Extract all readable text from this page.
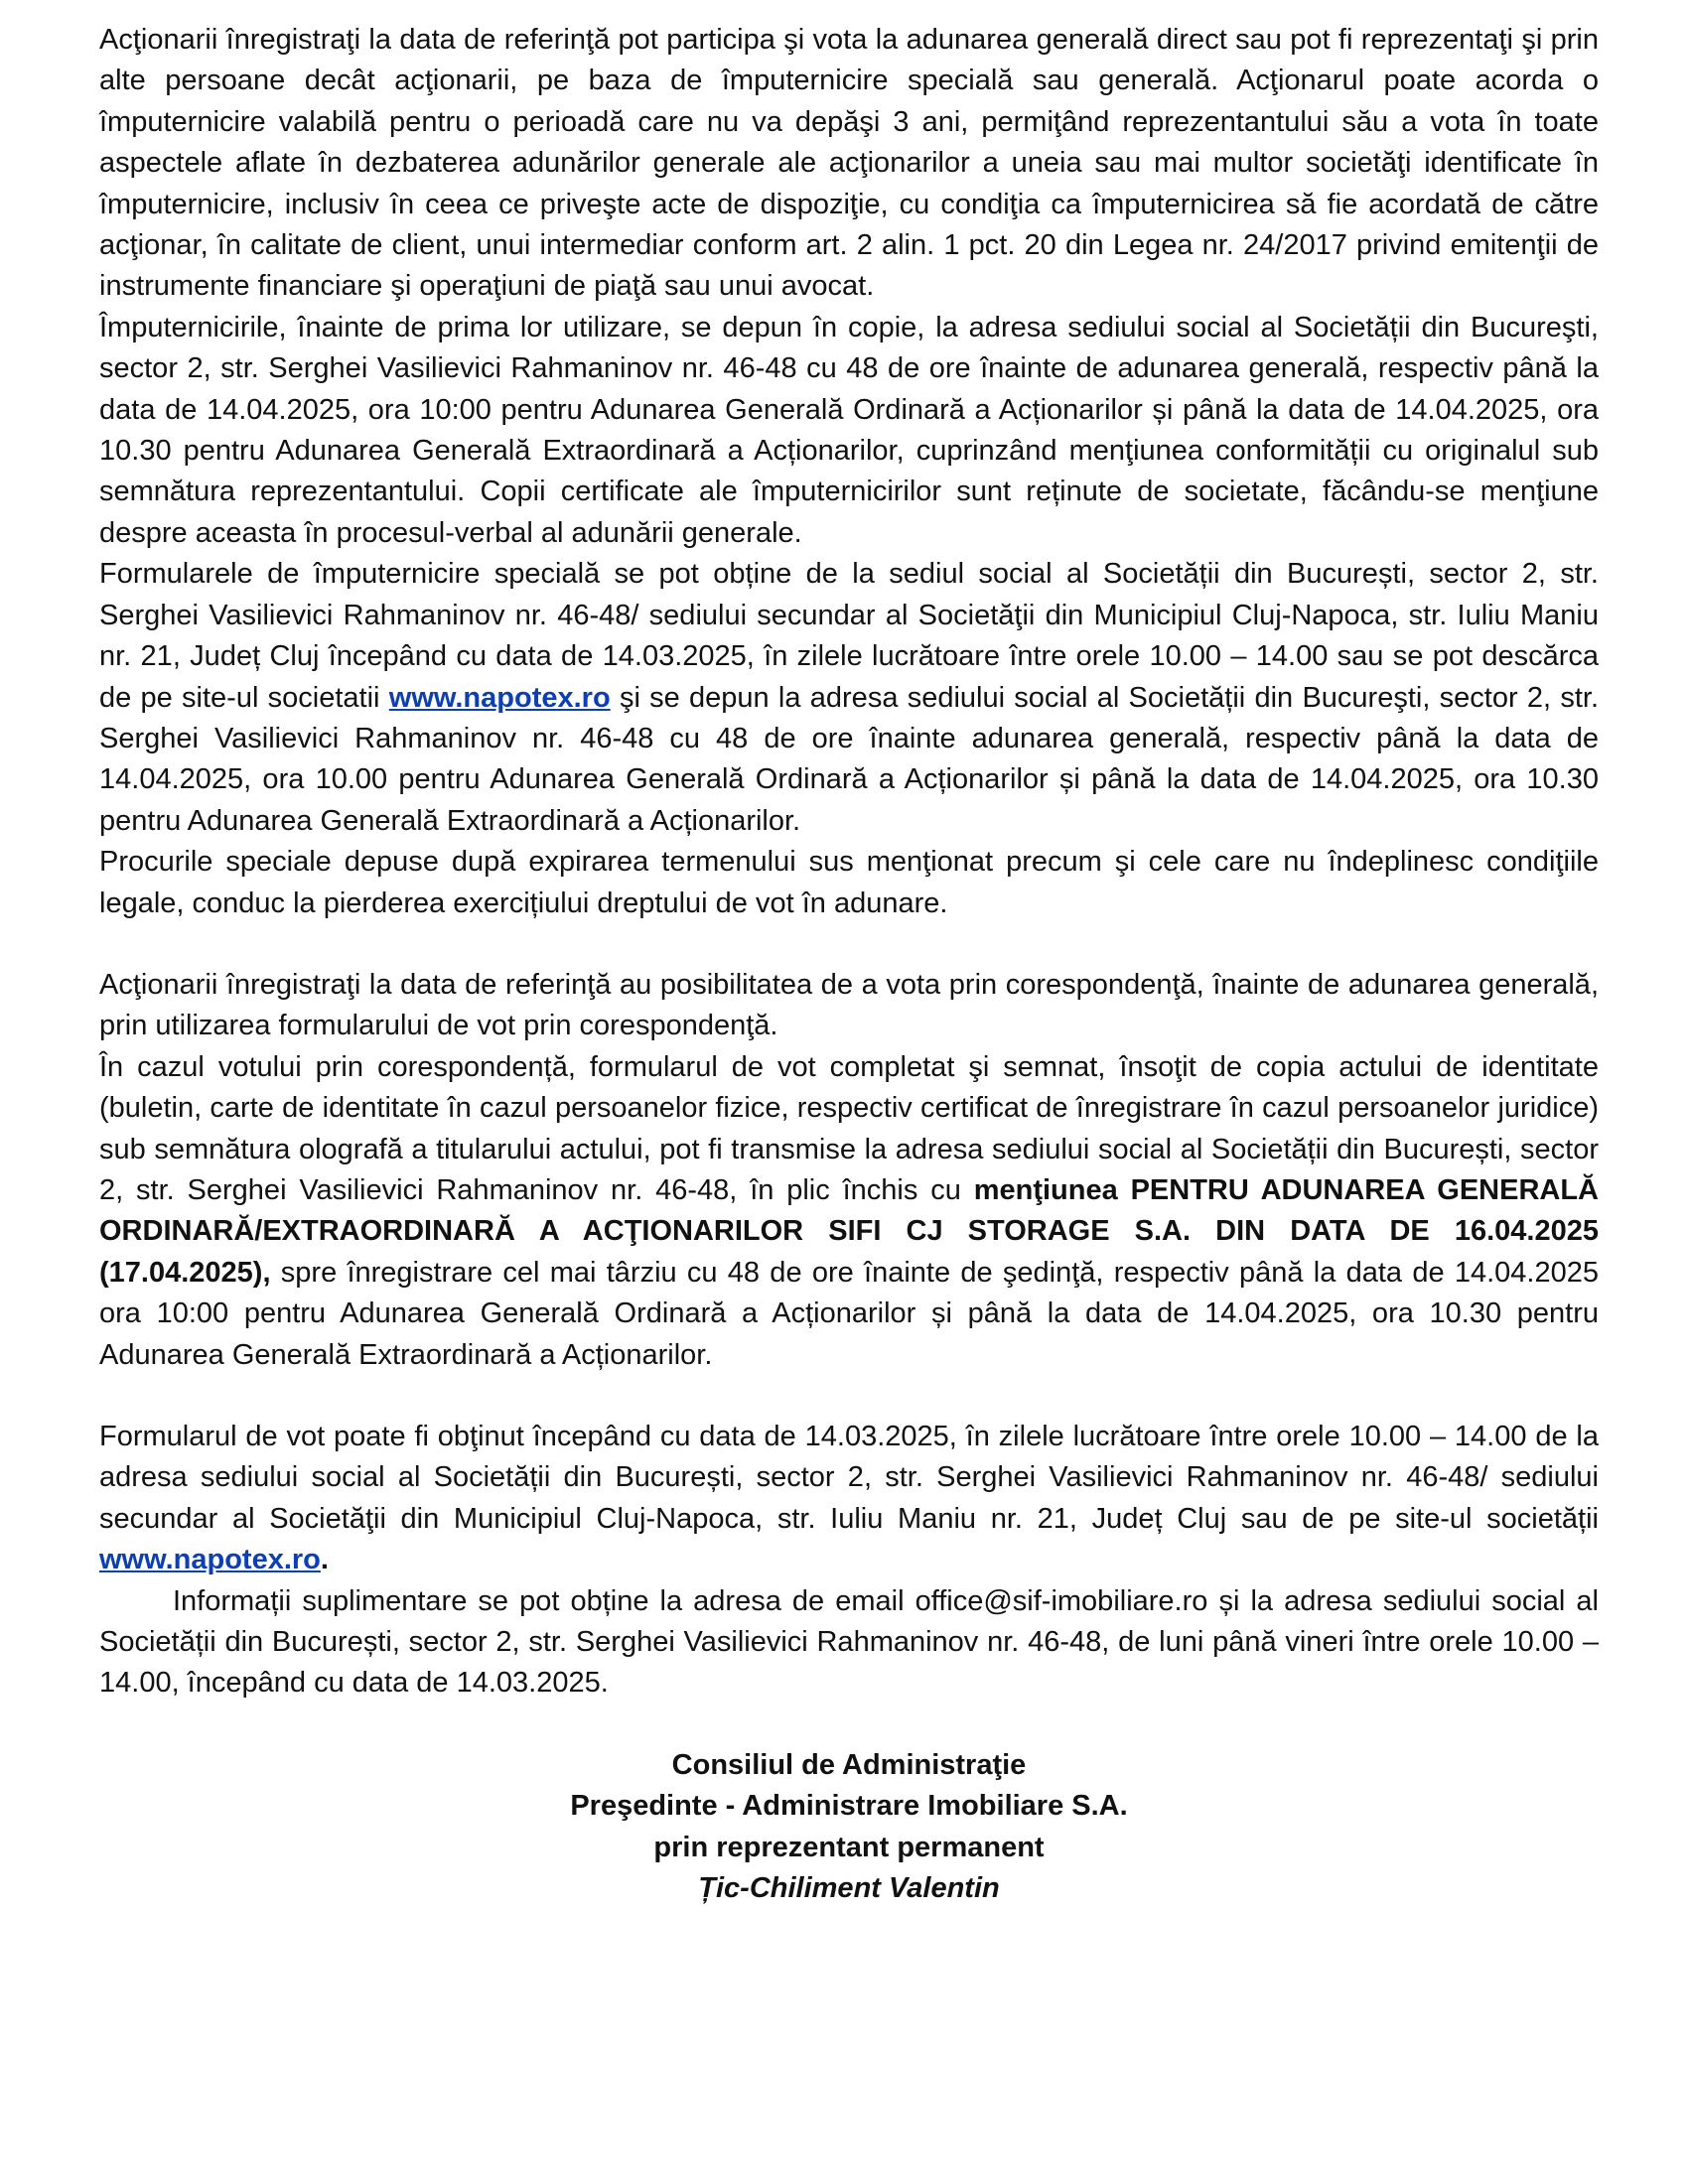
Acţionarii înregistraţi la data de referinţă pot participa şi vota la adunarea generală direct sau pot fi reprezentaţi şi prin alte persoane decât acţionarii, pe baza de împuternicire specială sau generală. Acţionarul poate acorda o împuternicire valabilă pentru o perioadă care nu va depăşi 3 ani, permiţând reprezentantului său a vota în toate aspectele aflate în dezbaterea adunărilor generale ale acţionarilor a uneia sau mai multor societăţi identificate în împuternicire, inclusiv în ceea ce priveşte acte de dispoziţie, cu condiţia ca împuternicirea să fie acordată de către acţionar, în calitate de client, unui intermediar conform art. 2 alin. 1 pct. 20 din Legea nr. 24/2017 privind emitenţii de instrumente financiare şi operaţiuni de piaţă sau unui avocat.

Împuternicirile, înainte de prima lor utilizare, se depun în copie, la adresa sediului social al Societății din Bucureşti, sector 2, str. Serghei Vasilievici Rahmaninov nr. 46-48 cu 48 de ore înainte de adunarea generală, respectiv până la data de 14.04.2025, ora 10:00 pentru Adunarea Generală Ordinară a Acționarilor și până la data de 14.04.2025, ora 10.30 pentru Adunarea Generală Extraordinară a Acționarilor, cuprinzând menţiunea conformității cu originalul sub semnătura reprezentantului. Copii certificate ale împuternicirilor sunt reținute de societate, făcându-se menţiune despre aceasta în procesul-verbal al adunării generale.

Formularele de împuternicire specială se pot obține de la sediul social al Societății din București, sector 2, str. Serghei Vasilievici Rahmaninov nr. 46-48/ sediului secundar al Societăţii din Municipiul Cluj-Napoca, str. Iuliu Maniu nr. 21, Județ Cluj începând cu data de 14.03.2025, în zilele lucrătoare între orele 10.00 – 14.00 sau se pot descărca de pe site-ul societatii www.napotex.ro şi se depun la adresa sediului social al Societății din Bucureşti, sector 2, str. Serghei Vasilievici Rahmaninov nr. 46-48 cu 48 de ore înainte adunarea generală, respectiv până la data de 14.04.2025, ora 10.00 pentru Adunarea Generală Ordinară a Acționarilor și până la data de 14.04.2025, ora 10.30 pentru Adunarea Generală Extraordinară a Acționarilor.

Procurile speciale depuse după expirarea termenului sus menţionat precum şi cele care nu îndeplinesc condiţiile legale, conduc la pierderea exercițiului dreptului de vot în adunare.

Acţionarii înregistraţi la data de referinţă au posibilitatea de a vota prin corespondenţă, înainte de adunarea generală, prin utilizarea formularului de vot prin corespondenţă.

În cazul votului prin corespondență, formularul de vot completat şi semnat, însoţit de copia actului de identitate (buletin, carte de identitate în cazul persoanelor fizice, respectiv certificat de înregistrare în cazul persoanelor juridice) sub semnătura olografă a titularului actului, pot fi transmise la adresa sediului social al Societății din București, sector 2, str. Serghei Vasilievici Rahmaninov nr. 46-48, în plic închis cu menţiunea PENTRU ADUNAREA GENERALĂ ORDINARĂ/EXTRAORDINARĂ A ACŢIONARILOR SIFI CJ STORAGE S.A. DIN DATA DE 16.04.2025 (17.04.2025), spre înregistrare cel mai târziu cu 48 de ore înainte de şedinţă, respectiv până la data de 14.04.2025 ora 10:00 pentru Adunarea Generală Ordinară a Acționarilor și până la data de 14.04.2025, ora 10.30 pentru Adunarea Generală Extraordinară a Acționarilor.

Formularul de vot poate fi obţinut începând cu data de 14.03.2025, în zilele lucrătoare între orele 10.00 – 14.00 de la adresa sediului social al Societății din București, sector 2, str. Serghei Vasilievici Rahmaninov nr. 46-48/ sediului secundar al Societăţii din Municipiul Cluj-Napoca, str. Iuliu Maniu nr. 21, Județ Cluj sau de pe site-ul societății www.napotex.ro.

Informații suplimentare se pot obține la adresa de email office@sif-imobiliare.ro și la adresa sediului social al Societății din București, sector 2, str. Serghei Vasilievici Rahmaninov nr. 46-48, de luni până vineri între orele 10.00 – 14.00, începând cu data de 14.03.2025.

Consiliul de Administraţie
Preşedinte - Administrare Imobiliare S.A.
prin reprezentant permanent
Țic-Chiliment Valentin
